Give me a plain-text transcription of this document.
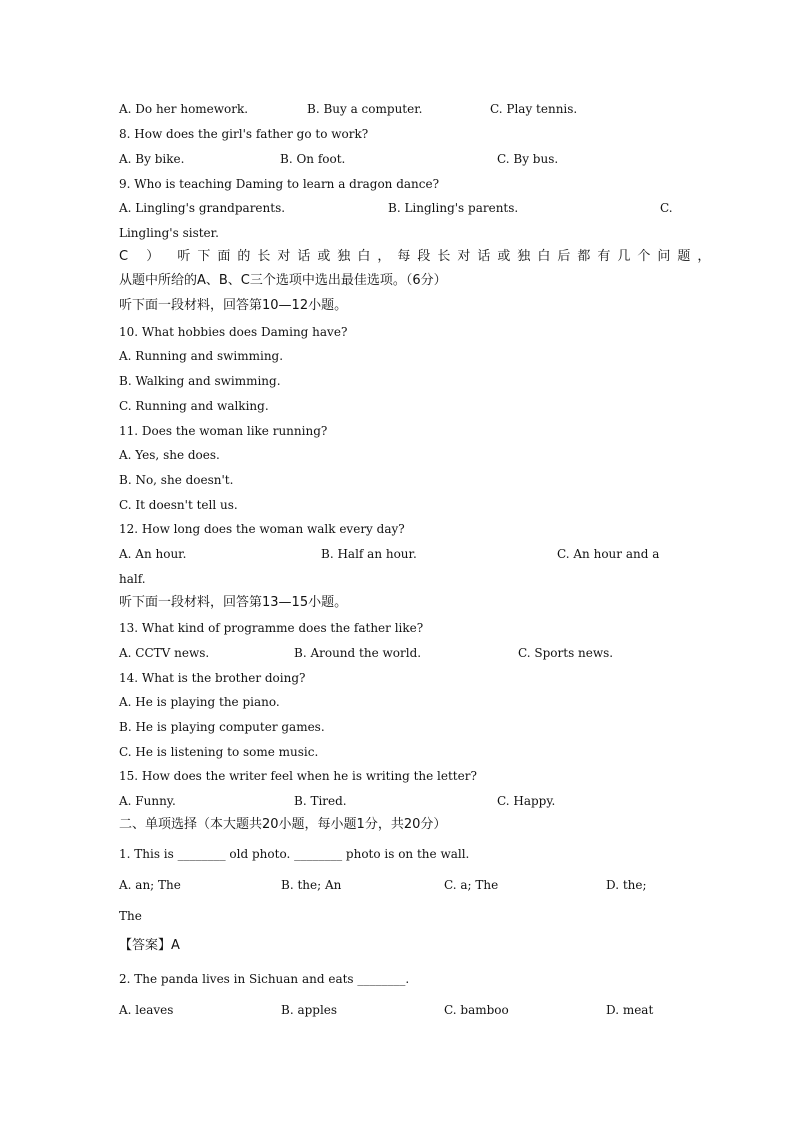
A. Do her homework.	B. Buy a computer.	C. Play tennis.
8. How does the girl's father go to work?
A. By bike.	B. On foot.	C. By bus.
9. Who is teaching Daming to learn a dragon dance?
A. Lingling's grandparents.	B. Lingling's parents.	C.
Lingling's sister.
C ） 听下面的长对话或独白，每段长对话或独白后都有几个问题，
从题中所给的A、B、C三个选项中选出最佳选项。（6分）
听下面一段材料，回答第10—12小题。
10. What hobbies does Daming have?
A. Running and swimming.
B. Walking and swimming.
C. Running and walking.
11. Does the woman like running?
A. Yes, she does.
B. No, she doesn't.
C. It doesn't tell us.
12. How long does the woman walk every day?
A. An hour.	B. Half an hour.	C. An hour and a
half.
听下面一段材料，回答第13—15小题。
13. What kind of programme does the father like?
A. CCTV news.	B. Around the world.	C. Sports news.
14. What is the brother doing?
A. He is playing the piano.
B. He is playing computer games.
C. He is listening to some music.
15. How does the writer feel when he is writing the letter?
A. Funny.	B. Tired.	C. Happy.
二、单项选择（本大题共20小题，每小题1分，共20分）
1. This is ________ old photo. ________ photo is on the wall.
A. an; The	B. the; An	C. a; The	D. the;
The
【答案】A
2. The panda lives in Sichuan and eats ________.
A. leaves	B. apples	C. bamboo	D. meat
